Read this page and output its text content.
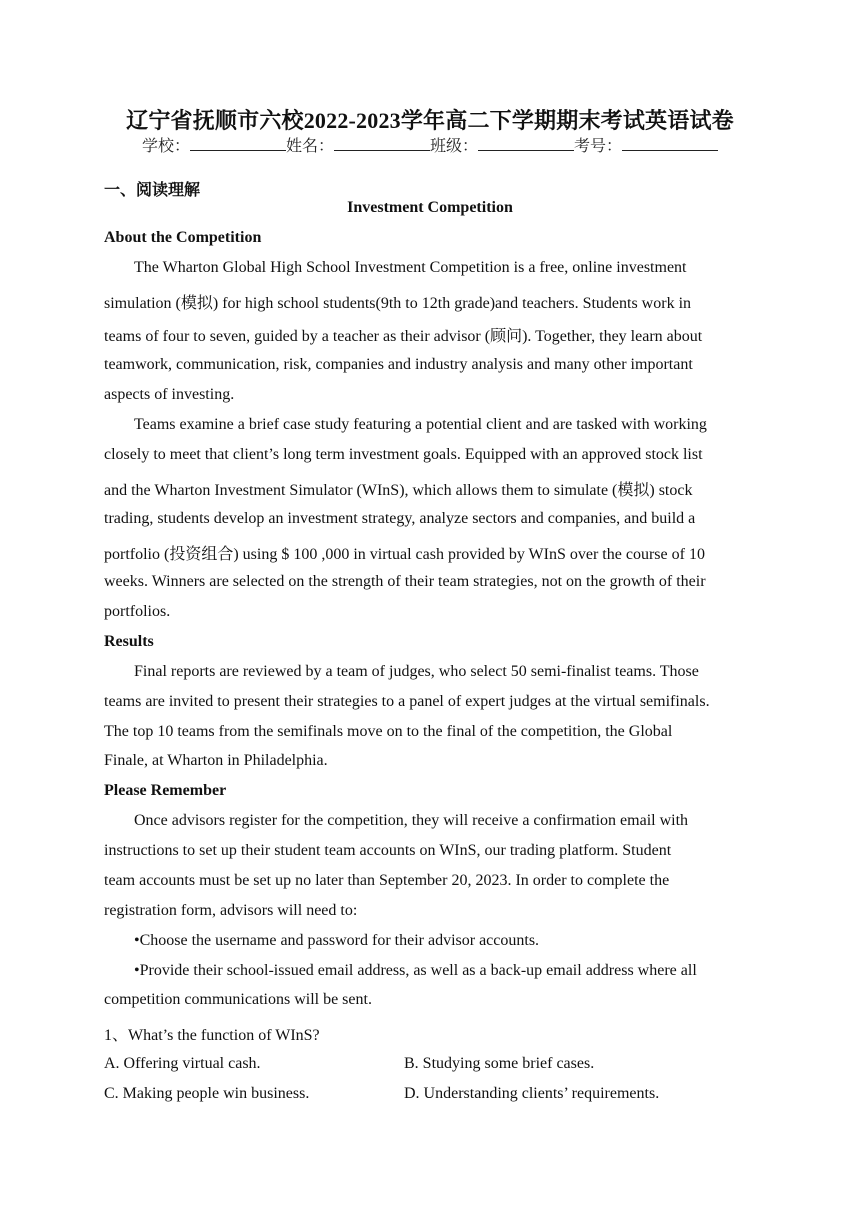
辽宁省抚顺市六校2022-2023学年高二下学期期末考试英语试卷
学校：	姓名：	班级：	考号：
一、阅读理解
Investment Competition
About the Competition
The Wharton Global High School Investment Competition is a free, online investment
simulation (模拟) for high school students(9th to 12th grade)and teachers. Students work in
teams of four to seven, guided by a teacher as their advisor (顾问). Together, they learn about
teamwork, communication, risk, companies and industry analysis and many other important
aspects of investing.
Teams examine a brief case study featuring a potential client and are tasked with working
closely to meet that client’s long term investment goals. Equipped with an approved stock list
and the Wharton Investment Simulator (WInS), which allows them to simulate (模拟) stock
trading, students develop an investment strategy, analyze sectors and companies, and build a
portfolio (投资组合) using $ 100 ,000 in virtual cash provided by WInS over the course of 10
weeks. Winners are selected on the strength of their team strategies, not on the growth of their
portfolios.
Results
Final reports are reviewed by a team of judges, who select 50 semi-finalist teams. Those
teams are invited to present their strategies to a panel of expert judges at the virtual semifinals.
The top 10 teams from the semifinals move on to the final of the competition, the Global
Finale, at Wharton in Philadelphia.
Please Remember
Once advisors register for the competition, they will receive a confirmation email with
instructions to set up their student team accounts on WInS, our trading platform. Student
team accounts must be set up no later than September 20, 2023. In order to complete the
registration form, advisors will need to:
•Choose the username and password for their advisor accounts.
•Provide their school-issued email address, as well as a back-up email address where all
competition communications will be sent.
1、What’s the function of WInS?
A. Offering virtual cash.	B. Studying some brief cases.
C. Making people win business.	D. Understanding clients’ requirements.
